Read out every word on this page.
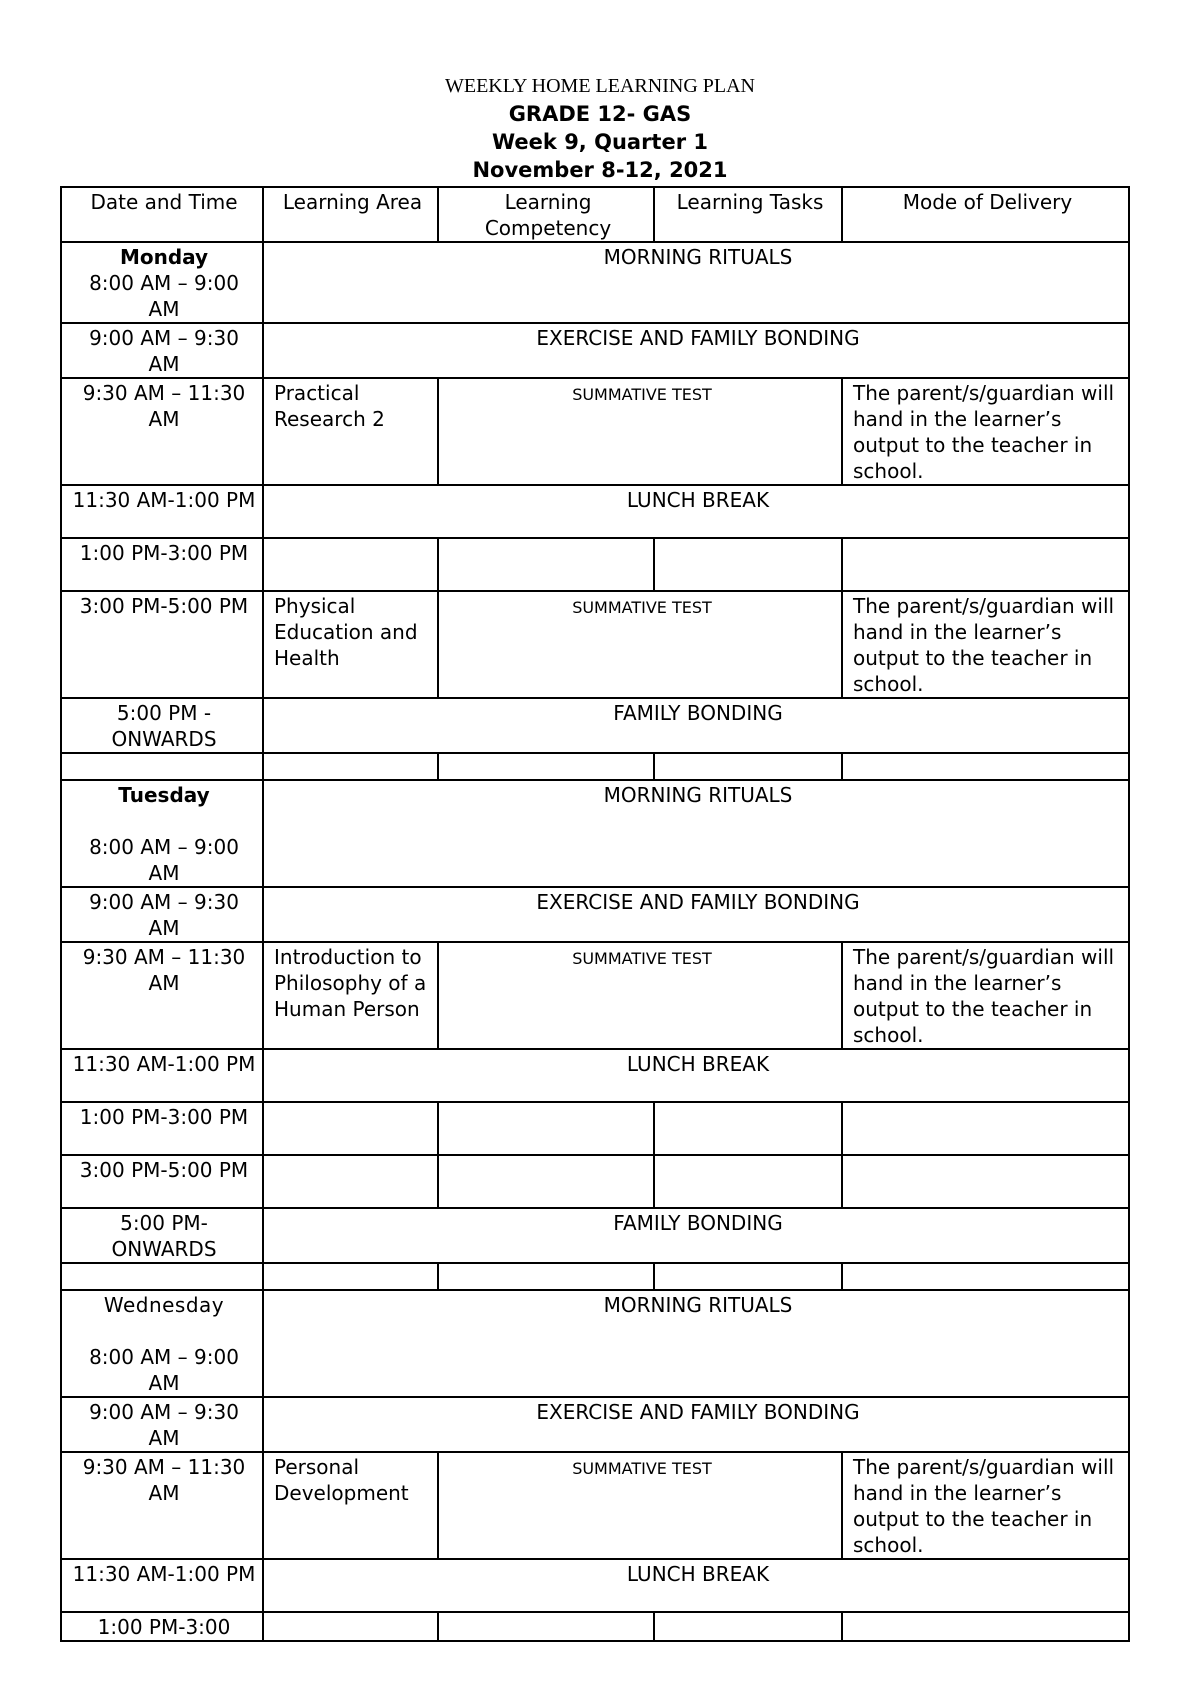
WEEKLY HOME LEARNING PLAN
GRADE 12- GAS
Week 9, Quarter 1
November 8-12, 2021
Date and Time	Learning Area	Learning Competency	Learning Tasks	Mode of Delivery

Monday
8:00 AM – 9:00 AM	MORNING RITUALS			
9:00 AM – 9:30 AM	EXERCISE AND FAMILY BONDING			
9:30 AM – 11:30 AM	Practical Research 2	SUMMATIVE TEST		The parent/s/guardian will hand in the learner’s output to the teacher in school.
11:30 AM-1:00 PM	LUNCH BREAK			
1:00 PM-3:00 PM				
3:00 PM-5:00 PM	Physical Education and Health	SUMMATIVE TEST		The parent/s/guardian will hand in the learner’s output to the teacher in school.
5:00 PM - ONWARDS	FAMILY BONDING			

Tuesday
8:00 AM – 9:00 AM	MORNING RITUALS			
9:00 AM – 9:30 AM	EXERCISE AND FAMILY BONDING			
9:30 AM – 11:30 AM	Introduction to Philosophy of a Human Person	SUMMATIVE TEST		The parent/s/guardian will hand in the learner’s output to the teacher in school.
11:30 AM-1:00 PM	LUNCH BREAK			
1:00 PM-3:00 PM				
3:00 PM-5:00 PM				
5:00 PM- ONWARDS	FAMILY BONDING			

Wednesday
8:00 AM – 9:00 AM	MORNING RITUALS			
9:00 AM – 9:30 AM	EXERCISE AND FAMILY BONDING			
9:30 AM – 11:30 AM	Personal Development	SUMMATIVE TEST		The parent/s/guardian will hand in the learner’s output to the teacher in school.
11:30 AM-1:00 PM	LUNCH BREAK			
1:00 PM-3:00				
